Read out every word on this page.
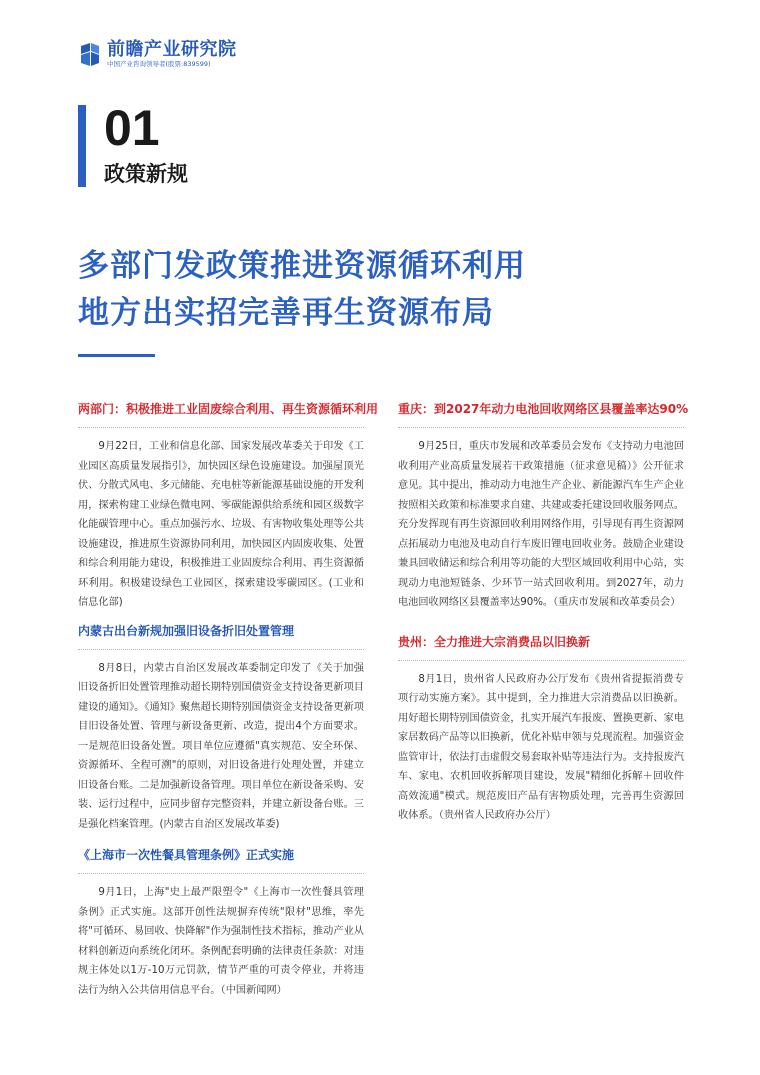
前瞻产业研究院
中国产业咨询领导者(股票:839599)
01
政策新规
多部门发政策推进资源循环利用
地方出实招完善再生资源布局
两部门：积极推进工业固废综合利用、再生资源循环利用

9月22日，工业和信息化部、国家发展改革委关于印发《工业园区高质量发展指引》，加快园区绿色设施建设。加强屋顶光伏、分散式风电、多元储能、充电桩等新能源基础设施的开发利用，探索构建工业绿色微电网、零碳能源供给系统和园区级数字化能碳管理中心。重点加强污水、垃圾、有害物收集处理等公共设施建设，推进原生资源协同利用，加快园区内固废收集、处置和综合利用能力建设，积极推进工业固废综合利用、再生资源循环利用。积极建设绿色工业园区，探索建设零碳园区。(工业和信息化部)

内蒙古出台新规加强旧设备折旧处置管理

8月8日，内蒙古自治区发展改革委制定印发了《关于加强旧设备折旧处置管理推动超长期特别国债资金支持设备更新项目建设的通知》。《通知》聚焦超长期特别国债资金支持设备更新项目旧设备处置、管理与新设备更新、改造，提出4个方面要求。一是规范旧设备处置。项目单位应遵循"真实规范、安全环保、资源循环、全程可溯"的原则，对旧设备进行处理处置，并建立旧设备台账。二是加强新设备管理。项目单位在新设备采购、安装、运行过程中，应同步留存完整资料，并建立新设备台账。三是强化档案管理。(内蒙古自治区发展改革委)

《上海市一次性餐具管理条例》正式实施

9月1日，上海"史上最严限塑令"《上海市一次性餐具管理条例》正式实施。这部开创性法规摒弃传统"限材"思维，率先将"可循环、易回收、快降解"作为强制性技术指标，推动产业从材料创新迈向系统化闭环。条例配套明确的法律责任条款：对违规主体处以1万-10万元罚款，情节严重的可责令停业，并将违法行为纳入公共信用信息平台。（中国新闻网）

重庆：到2027年动力电池回收网络区县覆盖率达90%

9月25日，重庆市发展和改革委员会发布《支持动力电池回收利用产业高质量发展若干政策措施（征求意见稿）》公开征求意见。其中提出，推动动力电池生产企业、新能源汽车生产企业按照相关政策和标准要求自建、共建或委托建设回收服务网点。充分发挥现有再生资源回收利用网络作用，引导现有再生资源网点拓展动力电池及电动自行车废旧锂电回收业务。鼓励企业建设兼具回收储运和综合利用等功能的大型区域回收利用中心站，实现动力电池短链条、少环节一站式回收利用。到2027年，动力电池回收网络区县覆盖率达90%。（重庆市发展和改革委员会）

贵州：全力推进大宗消费品以旧换新

8月1日，贵州省人民政府办公厅发布《贵州省提振消费专项行动实施方案》。其中提到，全力推进大宗消费品以旧换新。用好超长期特别国债资金，扎实开展汽车报废、置换更新、家电家居数码产品等以旧换新，优化补贴申领与兑现流程。加强资金监管审计，依法打击虚假交易套取补贴等违法行为。支持报废汽车、家电、农机回收拆解项目建设，发展"精细化拆解＋回收件高效流通"模式。规范废旧产品有害物质处理，完善再生资源回收体系。（贵州省人民政府办公厅）
